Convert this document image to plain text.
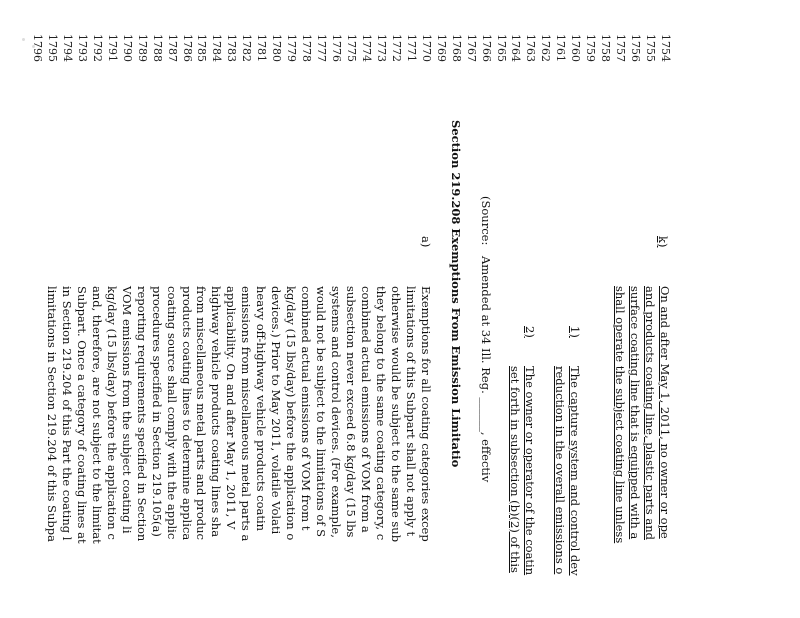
k)
On and after May 1, 2011, no owner or ope
and products coating line, plastic parts and
surface coating line that is equipped with a
shall operate the subject coating line unless
1)
The capture system and control dev
reduction in the overall emissions o
2)
The owner or operator of the coatin
set forth in subsection (b)(2) of this
(Source:
Amended at 34 Ill. Reg. ______, effectiv
Section 219.208 Exemptions From Emission Limitatio
a)
Exemptions for all coating categories excep
limitations of this Subpart shall not apply t
otherwise would be subject to the same sub
they belong to the same coating category, c
combined actual emissions of VOM from a
subsection never exceed 6.8 kg/day (15 lbs
systems and control devices. (For example,
would not be subject to the limitations of S
combined actual emissions of VOM from t
kg/day (15 lbs/day) before the application o
devices.) Prior to May 2011, volatile Volati
heavy off-highway vehicle products coatin
emissions from miscellaneous metal parts a
applicability. On and after May 1, 2011, V
highway vehicle products coating lines sha
from miscellaneous metal parts and produc
products coating lines to determine applica
coating source shall comply with the applic
procedures specified in Section 219.105(a)
reporting requirements specified in Section
VOM emissions from the subject coating li
kg/day (15 lbs/day) before the application c
and, therefore, are not subject to the limitat
Subpart. Once a category of coating lines at
in Section 219.204 of this Part the coating l
limitations in Section 219.204 of this Subpa
1754
1755
1756
1757
1758
1759
1760
1761
1762
1763
1764
1765
1766
1767
1768
1769
1770
1771
1772
1773
1774
1775
1776
1777
1778
1779
1780
1781
1782
1783
1784
1785
1786
1787
1788
1789
1790
1791
1792
1793
1794
1795
1796
